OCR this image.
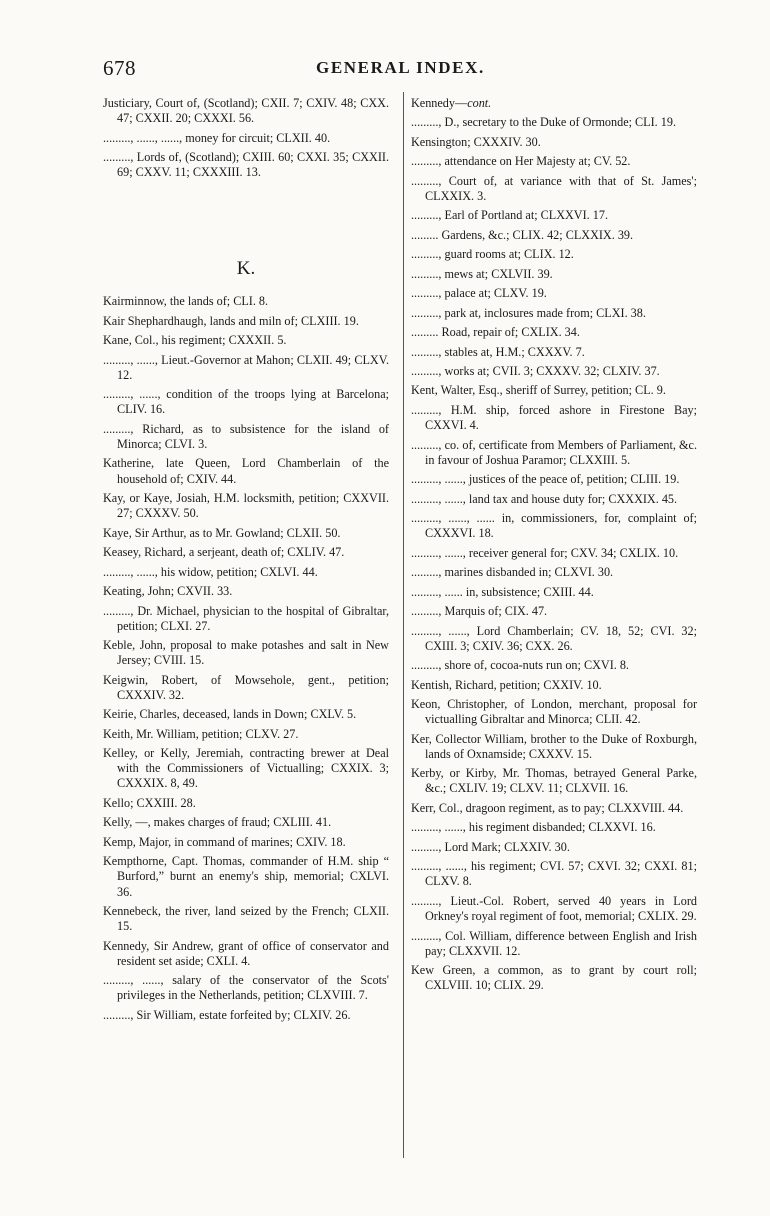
678	GENERAL INDEX.

Justiciary, Court of, (Scotland); CXII. 7; CXIV. 48; CXX. 47; CXXII. 20; CXXXI. 56.

........., ......, ......, money for circuit; CLXII. 40.

........., Lords of, (Scotland); CXIII. 60; CXXI. 35; CXXII. 69; CXXV. 11; CXXXIII. 13.

K.

Kairminnow, the lands of; CLI. 8.

Kair Shephardhaugh, lands and miln of; CLXIII. 19.

Kane, Col., his regiment; CXXXII. 5.

........., ......, Lieut.-Governor at Mahon; CLXII. 49; CLXV. 12.

........., ......, condition of the troops lying at Barcelona; CLIV. 16.

........., Richard, as to subsistence for the island of Minorca; CLVI. 3.

Katherine, late Queen, Lord Chamberlain of the household of; CXIV. 44.

Kay, or Kaye, Josiah, H.M. locksmith, petition; CXXVII. 27; CXXXV. 50.

Kaye, Sir Arthur, as to Mr. Gowland; CLXII. 50.

Keasey, Richard, a serjeant, death of; CXLIV. 47.

........., ......, his widow, petition; CXLVI. 44.

Keating, John; CXVII. 33.

........., Dr. Michael, physician to the hospital of Gibraltar, petition; CLXI. 27.

Keble, John, proposal to make potashes and salt in New Jersey; CVIII. 15.

Keigwin, Robert, of Mowsehole, gent., petition; CXXXIV. 32.

Keirie, Charles, deceased, lands in Down; CXLV. 5.

Keith, Mr. William, petition; CLXV. 27.

Kelley, or Kelly, Jeremiah, contracting brewer at Deal with the Commissioners of Victualling; CXXIX. 3; CXXXIX. 8, 49.

Kello; CXXIII. 28.

Kelly, —, makes charges of fraud; CXLIII. 41.

Kemp, Major, in command of marines; CXIV. 18.

Kempthorne, Capt. Thomas, commander of H.M. ship “ Burford,” burnt an enemy's ship, memorial; CXLVI. 36.

Kennebeck, the river, land seized by the French; CLXII. 15.

Kennedy, Sir Andrew, grant of office of conservator and resident set aside; CXLI. 4.

........., ......, salary of the conservator of the Scots' privileges in the Netherlands, petition; CLXVIII. 7.

........., Sir William, estate forfeited by; CLXIV. 26.

Kennedy—cont.

........., D., secretary to the Duke of Ormonde; CLI. 19.

Kensington; CXXXIV. 30.

........., attendance on Her Majesty at; CV. 52.

........., Court of, at variance with that of St. James'; CLXXIX. 3.

........., Earl of Portland at; CLXXVI. 17.

......... Gardens, &c.; CLIX. 42; CLXXIX. 39.

........., guard rooms at; CLIX. 12.

........., mews at; CXLVII. 39.

........., palace at; CLXV. 19.

........., park at, inclosures made from; CLXI. 38.

......... Road, repair of; CXLIX. 34.

........., stables at, H.M.; CXXXV. 7.

........., works at; CVII. 3; CXXXV. 32; CLXIV. 37.

Kent, Walter, Esq., sheriff of Surrey, petition; CL. 9.

........., H.M. ship, forced ashore in Firestone Bay; CXXVI. 4.

........., co. of, certificate from Members of Parliament, &c. in favour of Joshua Paramor; CLXXIII. 5.

........., ......, justices of the peace of, petition; CLIII. 19.

........., ......, land tax and house duty for; CXXXIX. 45.

........., ......, ...... in, commissioners, for, complaint of; CXXXVI. 18.

........., ......, receiver general for; CXV. 34; CXLIX. 10.

........., marines disbanded in; CLXVI. 30.

........., ...... in, subsistence; CXIII. 44.

........., Marquis of; CIX. 47.

........., ......, Lord Chamberlain; CV. 18, 52; CVI. 32; CXIII. 3; CXIV. 36; CXX. 26.

........., shore of, cocoa-nuts run on; CXVI. 8.

Kentish, Richard, petition; CXXIV. 10.

Keon, Christopher, of London, merchant, proposal for victualling Gibraltar and Minorca; CLII. 42.

Ker, Collector William, brother to the Duke of Roxburgh, lands of Oxnamside; CXXXV. 15.

Kerby, or Kirby, Mr. Thomas, betrayed General Parke, &c.; CXLIV. 19; CLXV. 11; CLXVII. 16.

Kerr, Col., dragoon regiment, as to pay; CLXXVIII. 44.

........., ......, his regiment disbanded; CLXXVI. 16.

........., Lord Mark; CLXXIV. 30.

........., ......, his regiment; CVI. 57; CXVI. 32; CXXI. 81; CLXV. 8.

........., Lieut.-Col. Robert, served 40 years in Lord Orkney's royal regiment of foot, memorial; CXLIX. 29.

........., Col. William, difference between English and Irish pay; CLXXVII. 12.

Kew Green, a common, as to grant by court roll; CXLVIII. 10; CLIX. 29.
